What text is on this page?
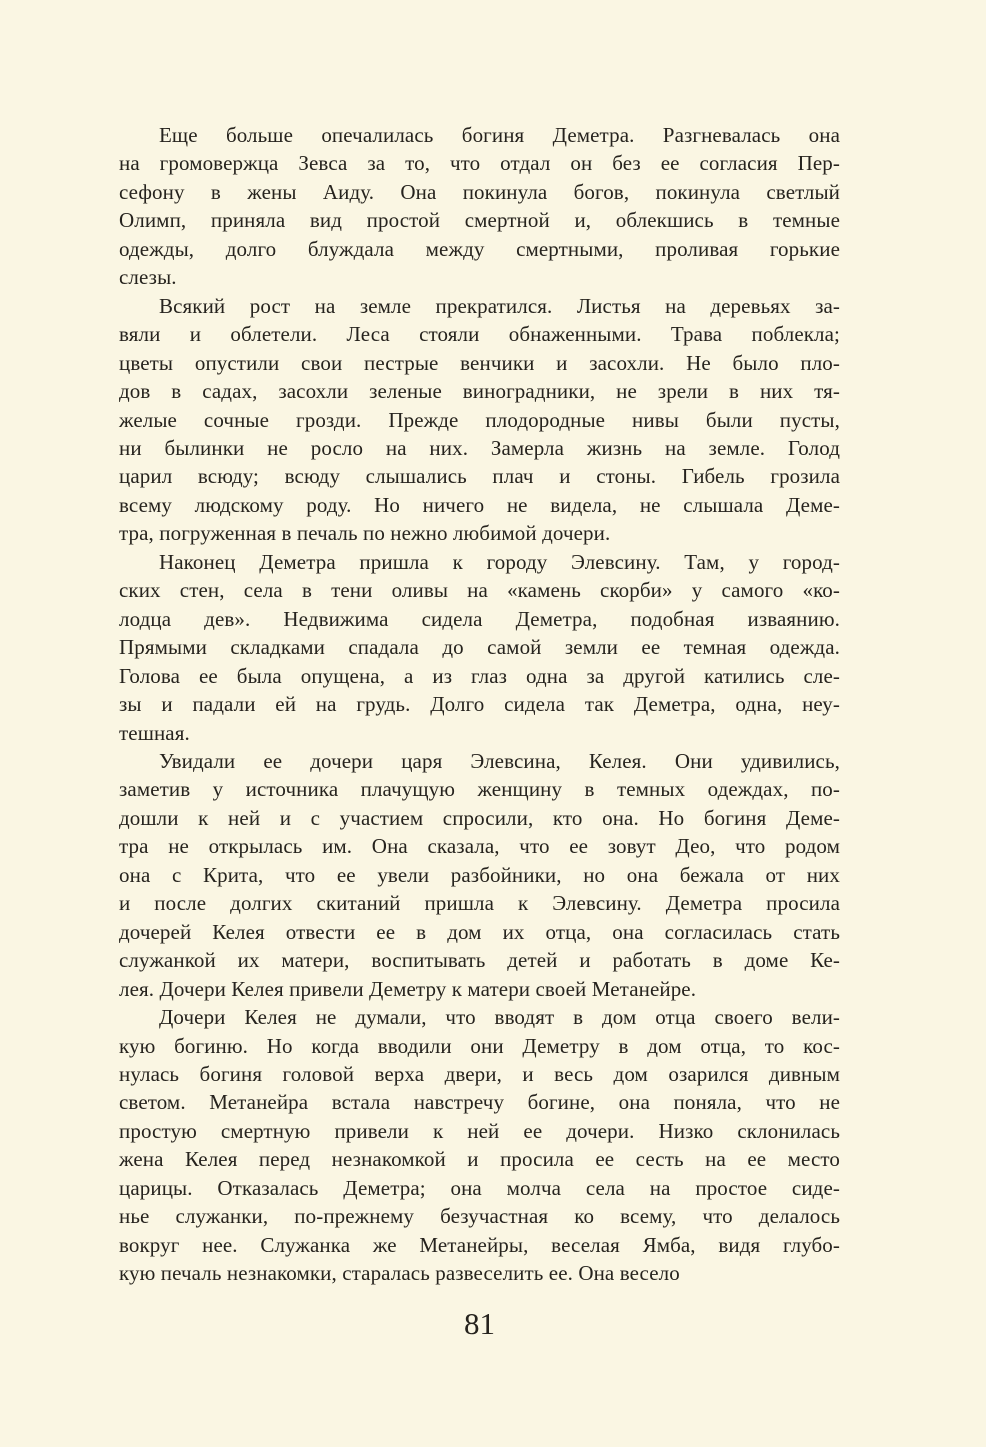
Еще больше опечалилась богиня Деметра. Разгневалась она
на громовержца Зевса за то, что отдал он без ее согласия Пер-
сефону в жены Аиду. Она покинула богов, покинула светлый
Олимп, приняла вид простой смертной и, облекшись в темные
одежды, долго блуждала между смертными, проливая горькие
слезы.
Всякий рост на земле прекратился. Листья на деревьях за-
вяли и облетели. Леса стояли обнаженными. Трава поблекла;
цветы опустили свои пестрые венчики и засохли. Не было пло-
дов в садах, засохли зеленые виноградники, не зрели в них тя-
желые сочные грозди. Прежде плодородные нивы были пусты,
ни былинки не росло на них. Замерла жизнь на земле. Голод
царил всюду; всюду слышались плач и стоны. Гибель грозила
всему людскому роду. Но ничего не видела, не слышала Деме-
тра, погруженная в печаль по нежно любимой дочери.
Наконец Деметра пришла к городу Элевсину. Там, у город-
ских стен, села в тени оливы на «камень скорби» у самого «ко-
лодца дев». Недвижима сидела Деметра, подобная изваянию.
Прямыми складками спадала до самой земли ее темная одежда.
Голова ее была опущена, а из глаз одна за другой катились сле-
зы и падали ей на грудь. Долго сидела так Деметра, одна, неу-
тешная.
Увидали ее дочери царя Элевсина, Келея. Они удивились,
заметив у источника плачущую женщину в темных одеждах, по-
дошли к ней и с участием спросили, кто она. Но богиня Деме-
тра не открылась им. Она сказала, что ее зовут Део, что родом
она с Крита, что ее увели разбойники, но она бежала от них
и после долгих скитаний пришла к Элевсину. Деметра просила
дочерей Келея отвести ее в дом их отца, она согласилась стать
служанкой их матери, воспитывать детей и работать в доме Ке-
лея. Дочери Келея привели Деметру к матери своей Метанейре.
Дочери Келея не думали, что вводят в дом отца своего вели-
кую богиню. Но когда вводили они Деметру в дом отца, то кос-
нулась богиня головой верха двери, и весь дом озарился дивным
светом. Метанейра встала навстречу богине, она поняла, что не
простую смертную привели к ней ее дочери. Низко склонилась
жена Келея перед незнакомкой и просила ее сесть на ее место
царицы. Отказалась Деметра; она молча села на простое сиде-
нье служанки, по-прежнему безучастная ко всему, что делалось
вокруг нее. Служанка же Метанейры, веселая Ямба, видя глубо-
кую печаль незнакомки, старалась развеселить ее. Она весело
81
